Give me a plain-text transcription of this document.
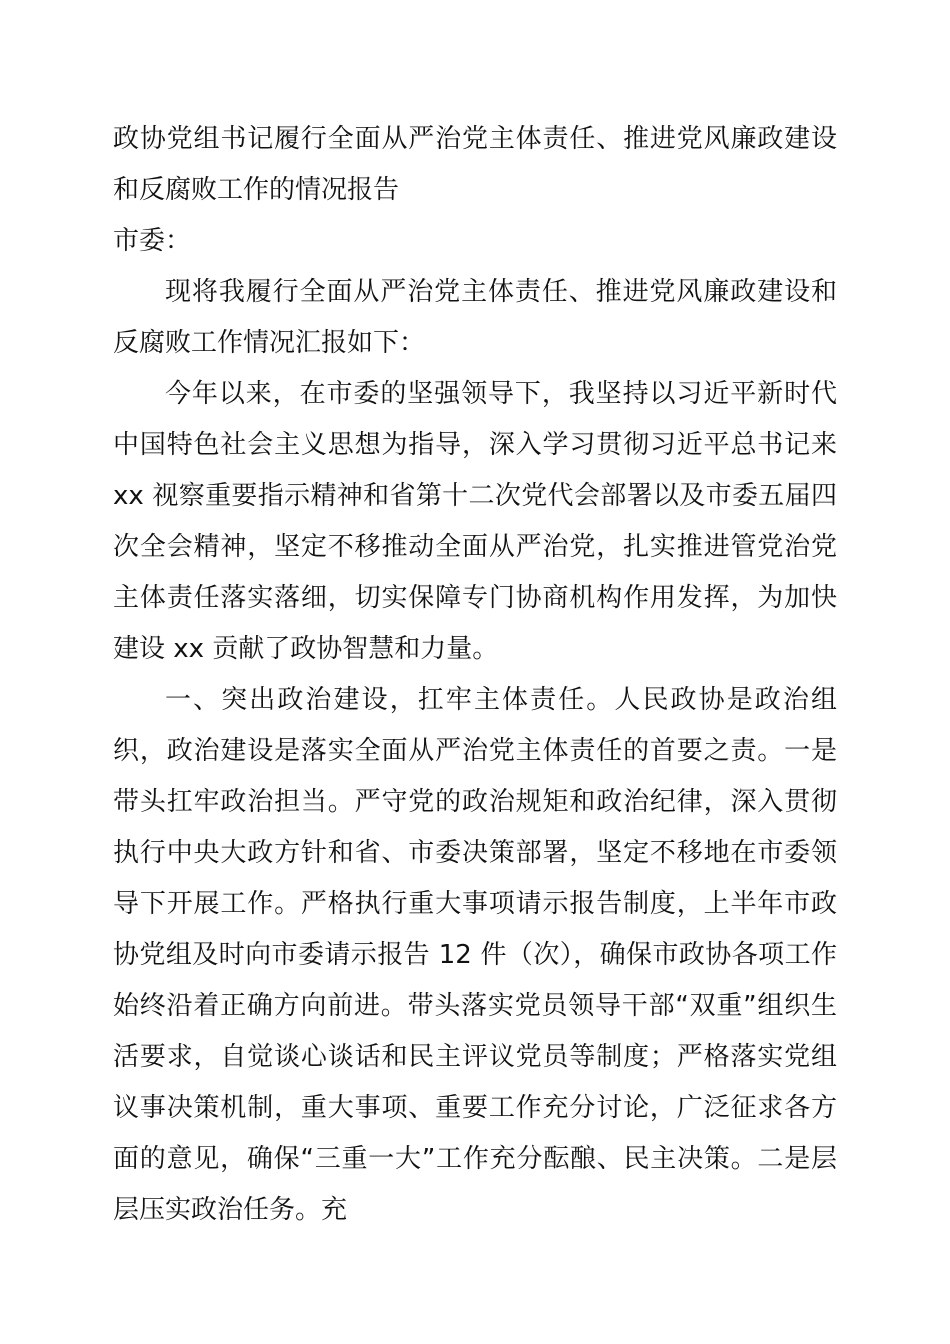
政协党组书记履行全面从严治党主体责任、推进党风廉政建设和反腐败工作的情况报告

市委：

现将我履行全面从严治党主体责任、推进党风廉政建设和反腐败工作情况汇报如下：

今年以来，在市委的坚强领导下，我坚持以习近平新时代中国特色社会主义思想为指导，深入学习贯彻习近平总书记来 xx 视察重要指示精神和省第十二次党代会部署以及市委五届四次全会精神，坚定不移推动全面从严治党，扎实推进管党治党主体责任落实落细，切实保障专门协商机构作用发挥，为加快建设 xx 贡献了政协智慧和力量。

一、突出政治建设，扛牢主体责任。人民政协是政治组织，政治建设是落实全面从严治党主体责任的首要之责。一是带头扛牢政治担当。严守党的政治规矩和政治纪律，深入贯彻执行中央大政方针和省、市委决策部署，坚定不移地在市委领导下开展工作。严格执行重大事项请示报告制度，上半年市政协党组及时向市委请示报告 12 件（次），确保市政协各项工作始终沿着正确方向前进。带头落实党员领导干部“双重”组织生活要求，自觉谈心谈话和民主评议党员等制度；严格落实党组议事决策机制，重大事项、重要工作充分讨论，广泛征求各方面的意见，确保“三重一大”工作充分酝酿、民主决策。二是层层压实政治任务。充
